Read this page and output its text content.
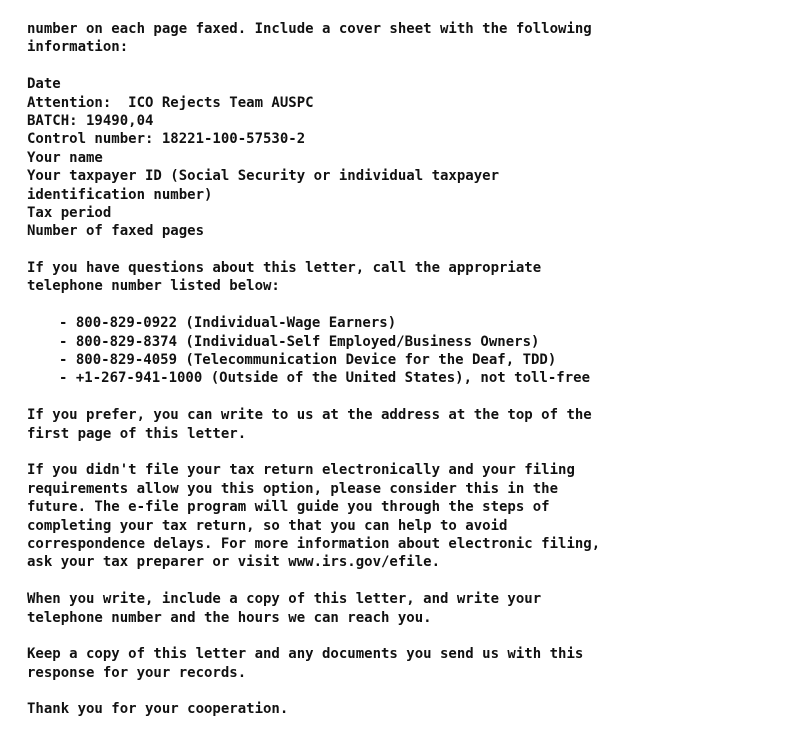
number on each page faxed. Include a cover sheet with the following
information:
Date
Attention:  ICO Rejects Team AUSPC
BATCH: 19490,04
Control number: 18221-100-57530-2
Your name
Your taxpayer ID (Social Security or individual taxpayer
identification number)
Tax period
Number of faxed pages
If you have questions about this letter, call the appropriate
telephone number listed below:
- 800-829-0922 (Individual-Wage Earners)
- 800-829-8374 (Individual-Self Employed/Business Owners)
- 800-829-4059 (Telecommunication Device for the Deaf, TDD)
- +1-267-941-1000 (Outside of the United States), not toll-free
If you prefer, you can write to us at the address at the top of the
first page of this letter.
If you didn't file your tax return electronically and your filing
requirements allow you this option, please consider this in the
future. The e-file program will guide you through the steps of
completing your tax return, so that you can help to avoid
correspondence delays. For more information about electronic filing,
ask your tax preparer or visit www.irs.gov/efile.
When you write, include a copy of this letter, and write your
telephone number and the hours we can reach you.
Keep a copy of this letter and any documents you send us with this
response for your records.
Thank you for your cooperation.
